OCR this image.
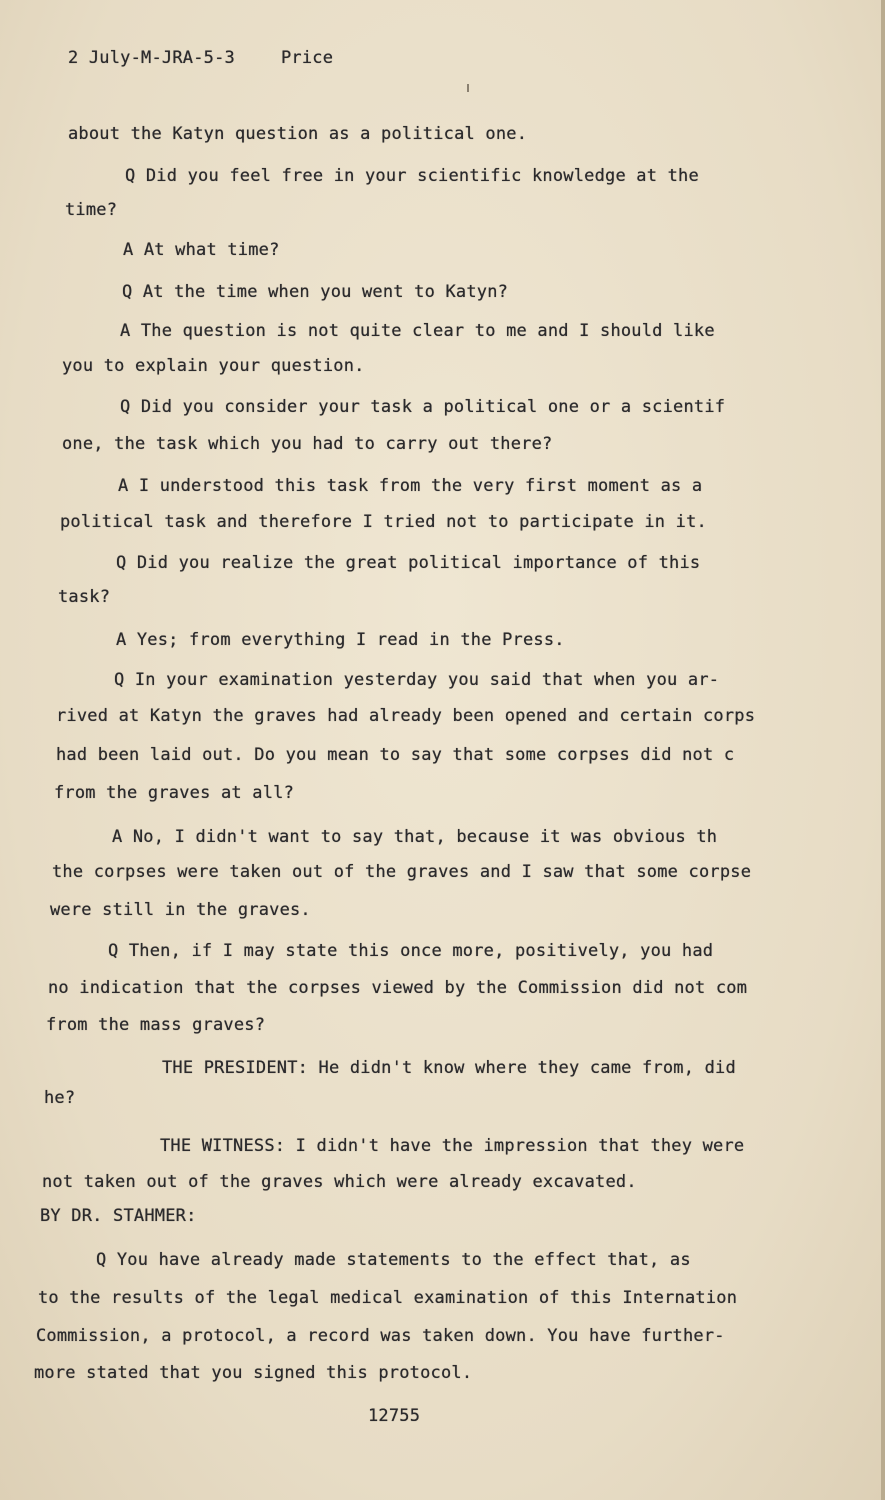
2 July-M-JRA-5-3	Price
about the Katyn question as a political one.
Q Did you feel free in your scientific knowledge at the
time?
A At what time?
Q At the time when you went to Katyn?
A The question is not quite clear to me and I should like
you to explain your question.
Q Did you consider your task a political one or a scientif
one, the task which you had to carry out there?
A I understood this task from the very first moment as a
political task and therefore I tried not to participate in it.
Q Did you realize the great political importance of this
task?
A Yes; from everything I read in the Press.
Q In your examination yesterday you said that when you ar-
rived at Katyn the graves had already been opened and certain corps
had been laid out. Do you mean to say that some corpses did not c
from the graves at all?
A No, I didn't want to say that, because it was obvious th
the corpses were taken out of the graves and I saw that some corpse
were still in the graves.
Q Then, if I may state this once more, positively, you had
no indication that the corpses viewed by the Commission did not com
from the mass graves?
THE PRESIDENT: He didn't know where they came from, did
he?
THE WITNESS: I didn't have the impression that they were
not taken out of the graves which were already excavated.
BY DR. STAHMER:
Q You have already made statements to the effect that, as
to the results of the legal medical examination of this Internation
Commission, a protocol, a record was taken down. You have further-
more stated that you signed this protocol.
12755
